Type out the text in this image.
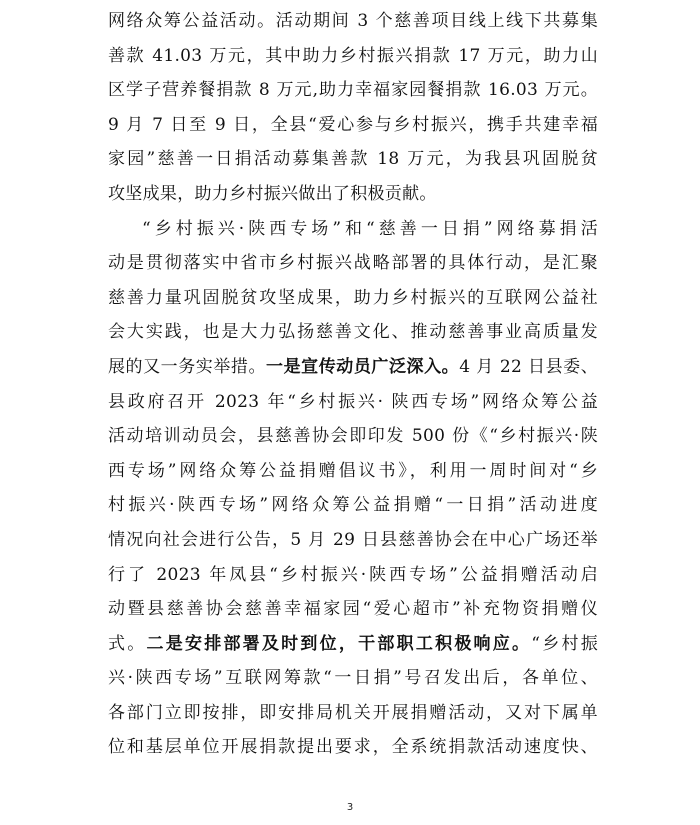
网络众筹公益活动。活动期间 3 个慈善项目线上线下共募集
善款 41.03 万元，其中助力乡村振兴捐款 17 万元，助力山
区学子营养餐捐款 8 万元,助力幸福家园餐捐款 16.03 万元。
9 月 7 日至 9 日，全县“爱心参与乡村振兴，携手共建幸福
家园”慈善一日捐活动募集善款 18 万元，为我县巩固脱贫
攻坚成果，助力乡村振兴做出了积极贡献。
“乡村振兴·陕西专场”和“慈善一日捐”网络募捐活
动是贯彻落实中省市乡村振兴战略部署的具体行动，是汇聚
慈善力量巩固脱贫攻坚成果，助力乡村振兴的互联网公益社
会大实践，也是大力弘扬慈善文化、推动慈善事业高质量发
展的又一务实举措。一是宣传动员广泛深入。4 月 22 日县委、
县政府召开 2023 年“乡村振兴· 陕西专场”网络众筹公益
活动培训动员会，县慈善协会即印发 500 份《“乡村振兴·陕
西专场”网络众筹公益捐赠倡议书》，利用一周时间对“乡
村振兴·陕西专场”网络众筹公益捐赠“一日捐”活动进度
情况向社会进行公告，5 月 29 日县慈善协会在中心广场还举
行了 2023 年凤县“乡村振兴·陕西专场”公益捐赠活动启
动暨县慈善协会慈善幸福家园“爱心超市”补充物资捐赠仪
式。二是安排部署及时到位，干部职工积极响应。“乡村振
兴·陕西专场”互联网筹款“一日捐”号召发出后，各单位、
各部门立即按排，即安排局机关开展捐赠活动，又对下属单
位和基层单位开展捐款提出要求，全系统捐款活动速度快、
3
